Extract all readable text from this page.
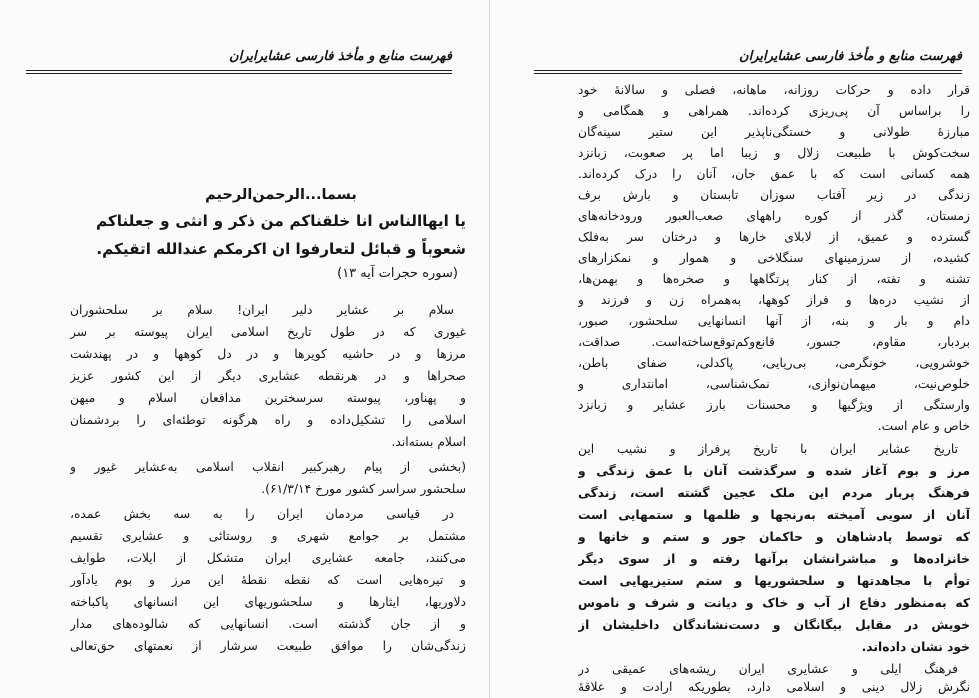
فهرست منابع و مأخذ فارسی عشایرایران
بسما...الرحمن‌الرحیم
یا ایها‌الناس انا خلقناکم من ذکر و انثی و جعلناکم
شعوباً و قبائل لتعارفوا ان اکرمکم عندالله اتقیکم.
(سوره حجرات آیه ۱۳)
سلام بر عشایر دلیر ایران! سلام بر سلحشوران
غیوری که در طول تاریخ اسلامی ایران پیوسته بر سر
مرزها و در حاشیه کویرها و در دل کوهها و در پهندشت
صحراها و در هرنقطه عشایری دیگر از این کشور عزیز
و پهناور، پیوسته سرسخترین مدافعان اسلام و میهن
اسلامی را تشکیل‌داده و راه هرگونه توطئه‌ای را بردشمنان
اسلام بسته‌اند.
(بخشی از پیام رهبرکبیر انقلاب اسلامی به‌عشایر غیور و
سلحشور سراسر کشور مورخ ۶۱/۳/۱۴).
در قیاسی مردمان ایران را به سه بخش عمده،
مشتمل بر جوامع شهری و روستائی و عشایری تقسیم
می‌کنند، جامعه عشایری ایران متشکل از ایلات، طوایف
و تیره‌هایی است که نقطه نقطهٔ این مرز و بوم یادآور
دلاوریها، ایثارها و سلحشوریهای این انسانهای پاکباخته
و از جان گذشته است. انسانهایی که شالوده‌های مدار
زندگی‌شان را موافق طبیعت سرشار از نعمتهای حق‌تعالی
فهرست منابع و مأخذ فارسی عشایرایران
قرار داده و حرکات روزانه، ماهانه، فصلی و سالانهٔ خود
را براساس آن پی‌ریزی کرده‌اند. همراهی و همگامی و
مبارزهٔ طولانی و خستگی‌ناپذیر این ستیر سینه‌گان
سخت‌کوش با طبیعت زلال و زیبا اما پر صعوبت، زبانزد
همه کسانی است که با عمق جان، آنان را درک کرده‌اند.
زندگی در زیر آفتاب سوزان تابستان و بارش برف
زمستان، گذر از کوره راههای صعب‌العبور ورودخانه‌های
گسترده و عمیق، از لابلای خارها و درختان سر به‌فلک
کشیده، از سرزمینهای سنگلاخی و هموار و نمکزارهای
تشنه و تفته، از کنار پرتگاهها و صخره‌ها و بهمن‌ها،
از نشیب دره‌ها و فراز کوهها، به‌همراه زن و فرزند و
دام و بار و بنه، از آنها انسانهایی سلحشور، صبور،
بردبار، مقاوم، جسور، قانع‌وکم‌توقع‌ساخته‌است. صداقت،
خوشرویی، خونگرمی، بی‌ریایی، پاکدلی، صفای باطن،
خلوص‌نیت، میهمان‌نوازی، نمک‌شناسی، امانتداری و
وارستگی از ویژگیها و محسنات بارز عشایر و زبانزد
خاص و عام است.
تاریخ عشایر ایران با تاریخ پرفراز و نشیب این
مرز و بوم آغاز شده و سرگذشت آنان با عمق زندگی و
فرهنگ پربار مردم این ملک عجین گشته است، زندگی
آنان از سویی آمیخته به‌رنجها و ظلمها و ستمهایی است
که توسط پادشاهان و حاکمان جور و ستم و خانها و
خانزاده‌ها و مباشرانشان برآنها رفته و از سوی دیگر
توأم با مجاهدتها و سلحشوریها و ستم ستیزیهایی است
که به‌منظور دفاع از آب و خاک و دیانت و شرف و ناموس
خویش در مقابل بیگانگان و دست‌نشاندگان داخلیشان از
خود نشان داده‌اند.
فرهنگ ایلی و عشایری ایران ریشه‌های عمیقی در
نگرش زلال دینی و اسلامی دارد، بطوریکه ارادت و علاقهٔ
